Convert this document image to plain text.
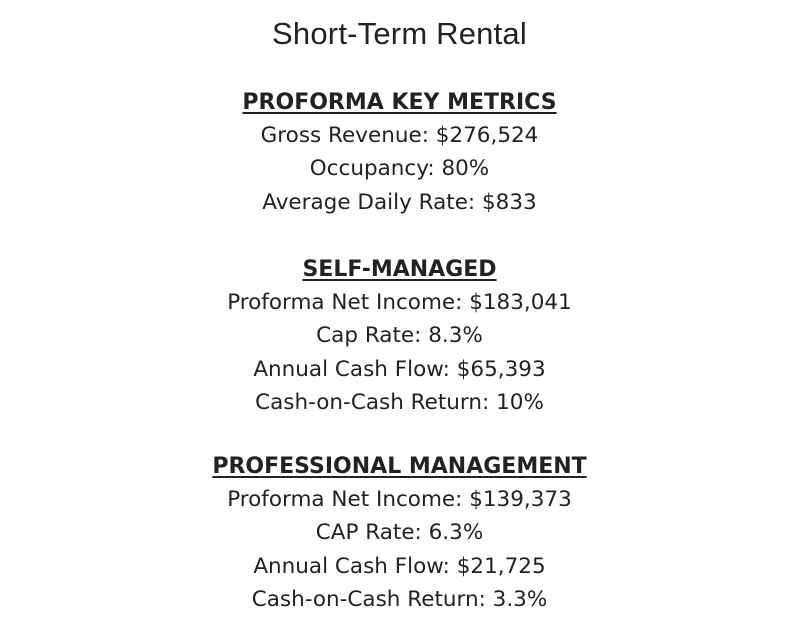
Short-Term Rental
PROFORMA KEY METRICS
Gross Revenue: $276,524
Occupancy: 80%
Average Daily Rate: $833
SELF-MANAGED
Proforma Net Income: $183,041
Cap Rate: 8.3%
Annual Cash Flow: $65,393
Cash-on-Cash Return: 10%
PROFESSIONAL MANAGEMENT
Proforma Net Income: $139,373
CAP Rate: 6.3%
Annual Cash Flow: $21,725
Cash-on-Cash Return: 3.3%
